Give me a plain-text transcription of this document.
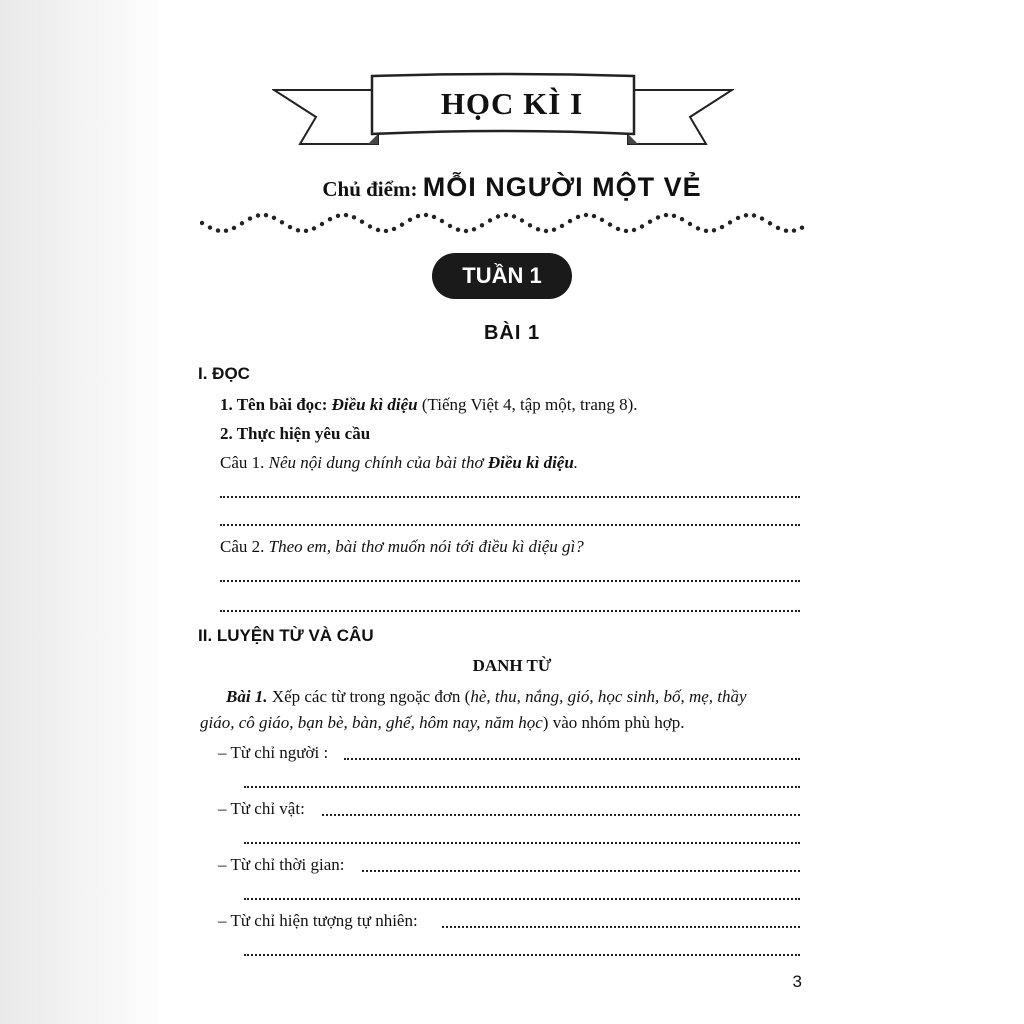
HỌC KÌ I
Chủ điểm: MỖI NGƯỜI MỘT VẺ
TUẦN 1
BÀI 1
I. ĐỌC
1. Tên bài đọc: Điều kì diệu (Tiếng Việt 4, tập một, trang 8).
2. Thực hiện yêu cầu
Câu 1. Nêu nội dung chính của bài thơ Điều kì diệu.
Câu 2. Theo em, bài thơ muốn nói tới điều kì diệu gì?
II. LUYỆN TỪ VÀ CÂU
DANH TỪ
Bài 1. Xếp các từ trong ngoặc đơn (hè, thu, nắng, gió, học sinh, bố, mẹ, thầy
giáo, cô giáo, bạn bè, bàn, ghế, hôm nay, năm học) vào nhóm phù hợp.
– Từ chỉ người :
– Từ chỉ vật:
– Từ chỉ thời gian:
– Từ chỉ hiện tượng tự nhiên:
3
